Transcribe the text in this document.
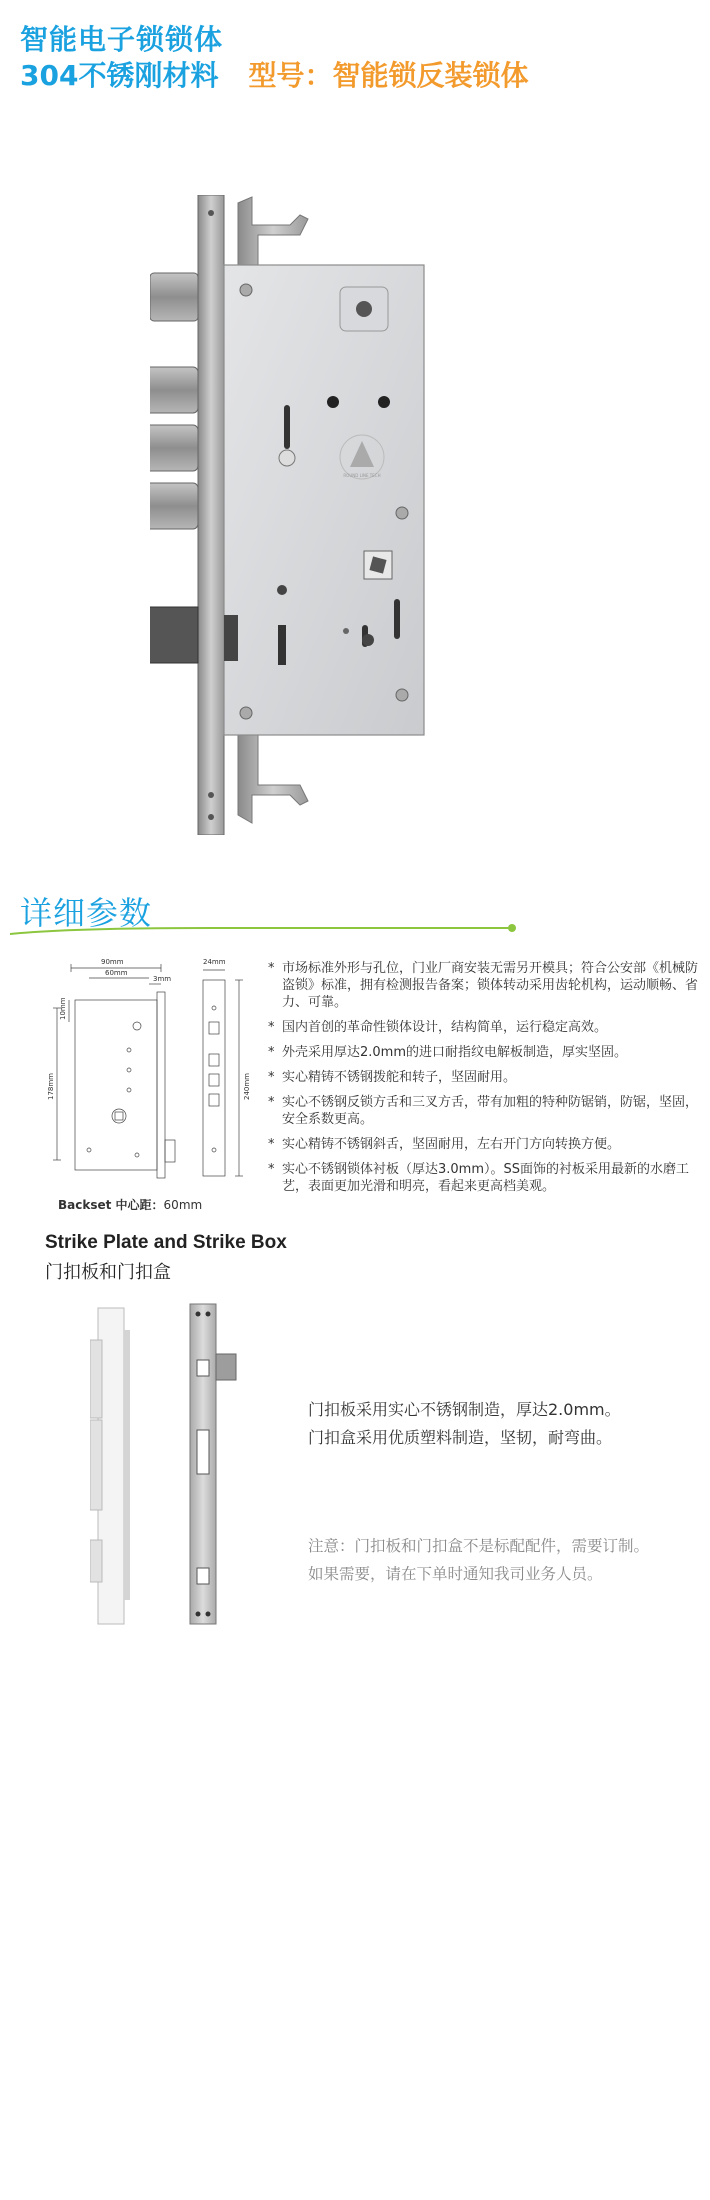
智能电子锁锁体
304不锈刚材料 型号：智能锁反装锁体
ROUND LINE TECH
详细参数
90mm
60mm
3mm
24mm
10mm
178mm	240mm
Backset 中心距：60mm
* 市场标准外形与孔位，门业厂商安装无需另开模具；符合公安部《机械防盗锁》标准，拥有检测报告备案；锁体转动采用齿轮机构，运动顺畅、省力、可靠。
* 国内首创的革命性锁体设计，结构简单，运行稳定高效。
* 外壳采用厚达2.0mm的进口耐指纹电解板制造，厚实坚固。
* 实心精铸不锈钢拨舵和转子，坚固耐用。
* 实心不锈钢反锁方舌和三叉方舌，带有加粗的特种防锯销，防锯，坚固，安全系数更高。
* 实心精铸不锈钢斜舌，坚固耐用，左右开门方向转换方便。
* 实心不锈钢锁体衬板（厚达3.0mm）。SS面饰的衬板采用最新的水磨工艺，表面更加光滑和明亮，看起来更高档美观。
Strike Plate and Strike Box
门扣板和门扣盒
门扣板采用实心不锈钢制造，厚达2.0mm。
门扣盒采用优质塑料制造，坚韧，耐弯曲。
注意：门扣板和门扣盒不是标配配件，需要订制。
如果需要，请在下单时通知我司业务人员。
